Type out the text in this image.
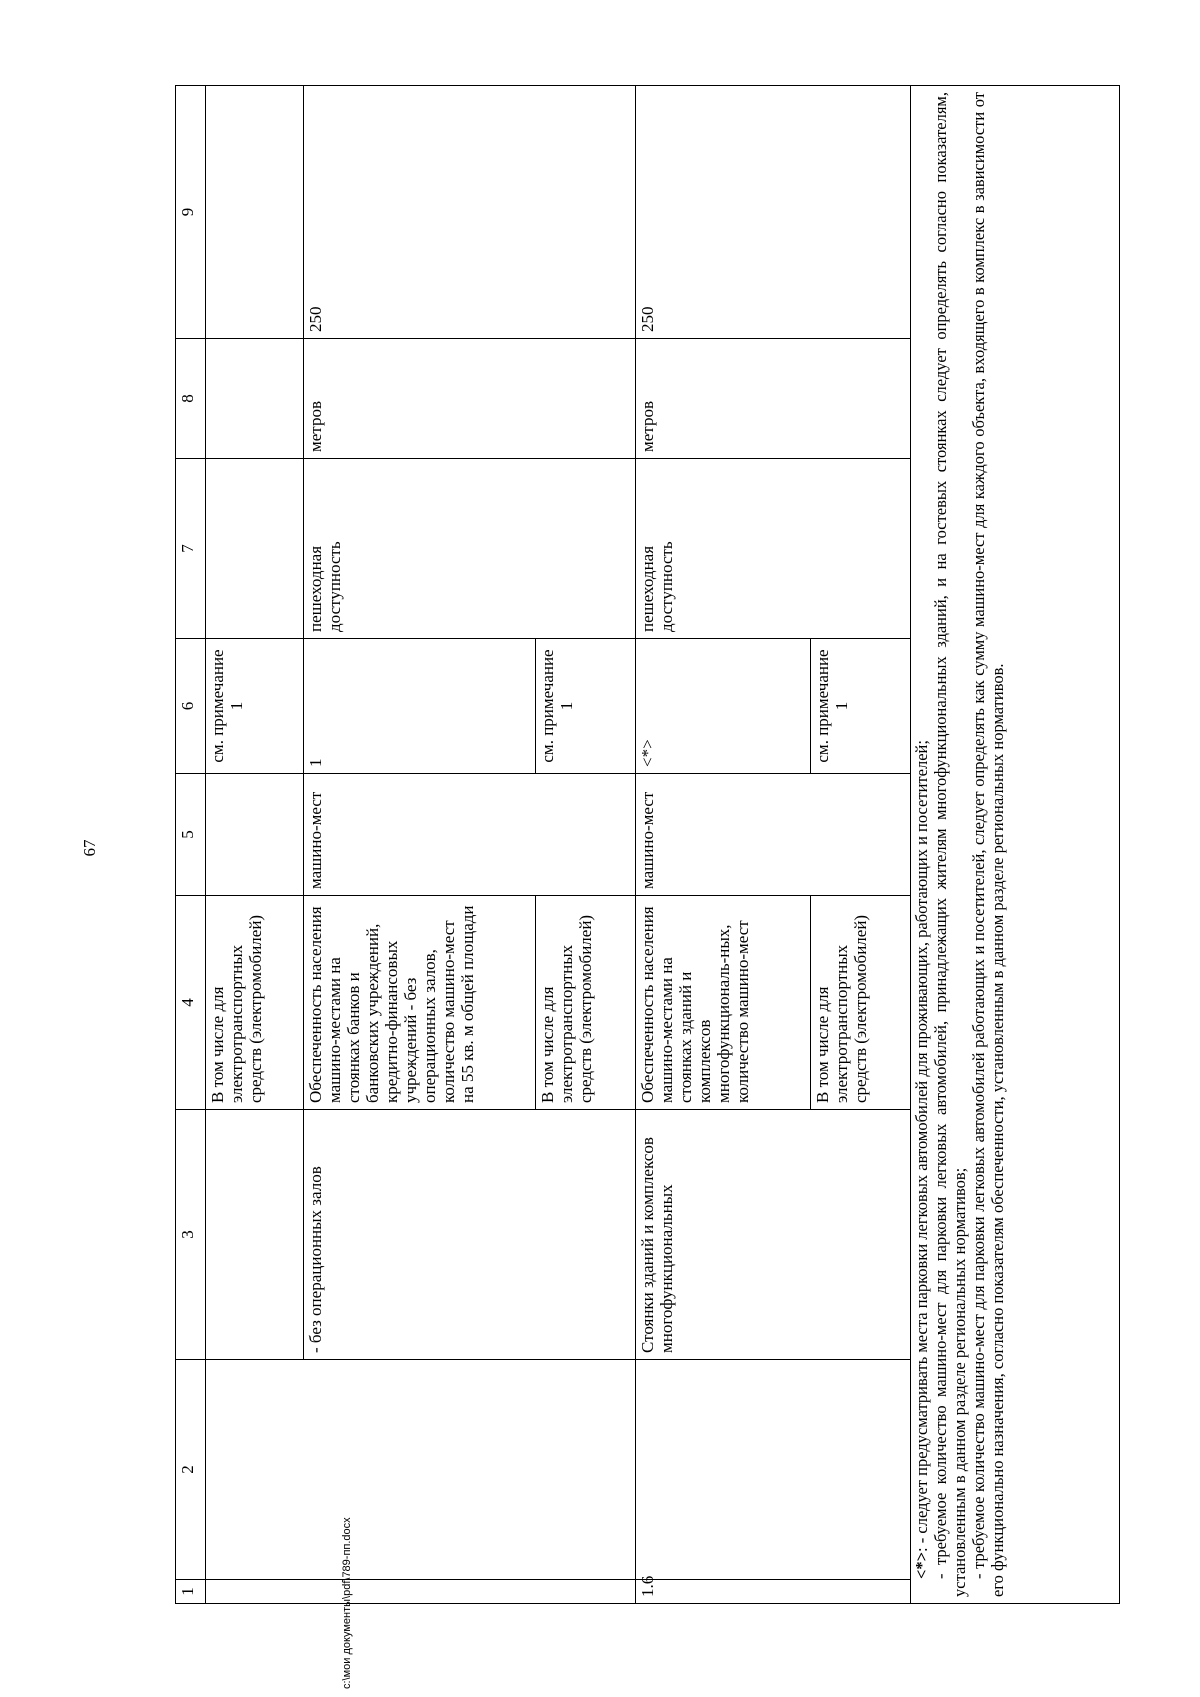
67
c:\мои документы\pdf\789-пп.docx
1	2	3	4	5	6	7	8	9
			В том числе для электротранспортных средств (электромобилей)		см. примечание 1			
		- без операционных залов	Обеспеченность населения машино-местами на стоянках банков и банковских учреждений, кредитно-финансовых учреждений - без операционных залов, количество машино-мест на 55 кв. м общей площади	машино-мест	1	пешеходная доступность	метров	250
			В том числе для электротранспортных средств (электромобилей)		см. примечание 1			
1.6		Стоянки зданий и комплексов многофункциональных	Обеспеченность населения машино-местами на стоянках зданий и комплексов многофункциональ-ных, количество машино-мест	машино-мест	<*>	пешеходная доступность	метров	250
			В том числе для электротранспортных средств (электромобилей)		см. примечание 1			

<*>: - следует предусматривать места парковки легковых автомобилей для проживающих, работающих и посетителей; - требуемое количество машино-мест для парковки легковых автомобилей, принадлежащих жителям многофункциональных зданий, и на гостевых стоянках следует определять согласно показателям, установленным в данном разделе региональных нормативов; - требуемое количество машино-мест для парковки легковых автомобилей работающих и посетителей, следует определять как сумму машино-мест для каждого объекта, входящего в комплекс в зависимости от его функционально назначения, согласно показателям обеспеченности, установленным в данном разделе региональных нормативов.								
